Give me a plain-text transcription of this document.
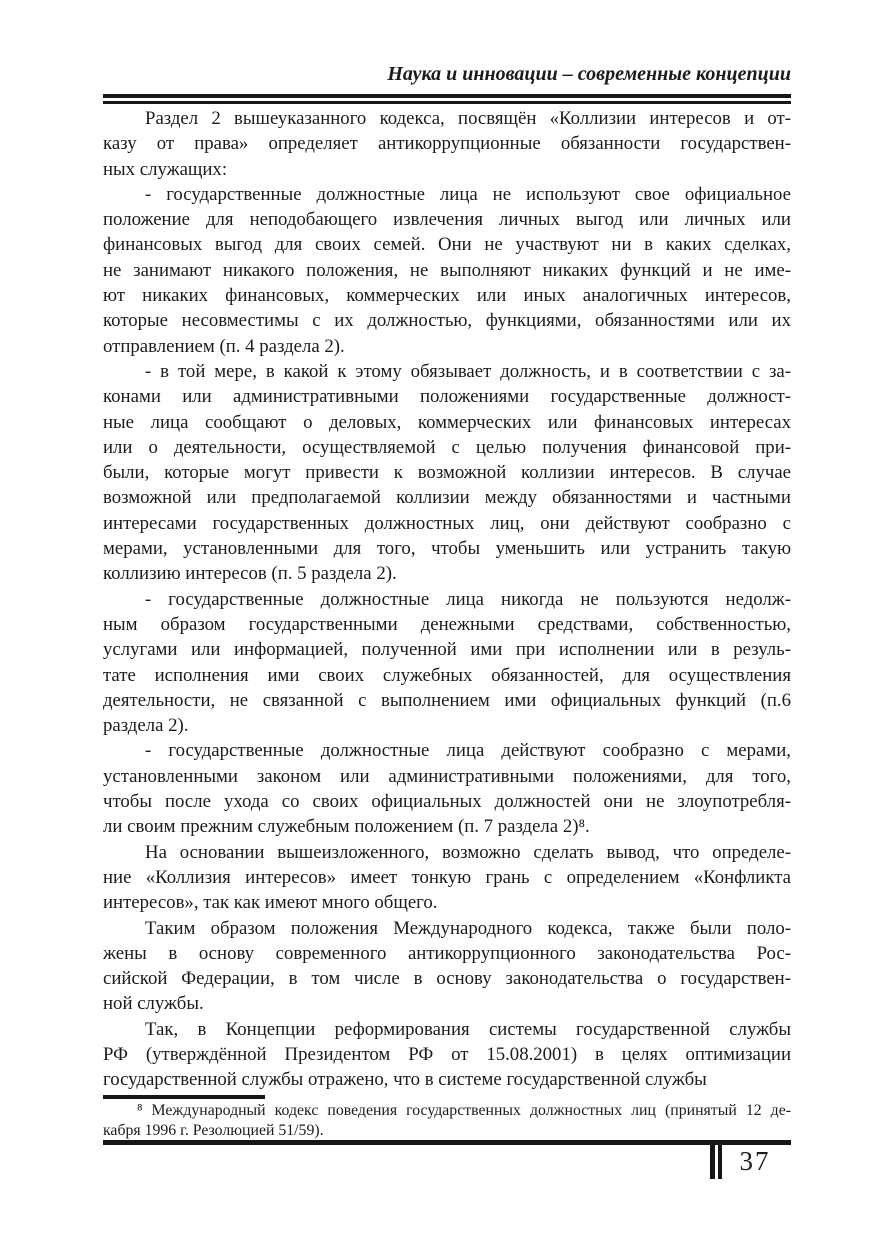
Наука и инновации – современные концепции
Раздел 2 вышеуказанного кодекса, посвящён «Коллизии интересов и от-
казу от права» определяет антикоррупционные обязанности государствен-
ных служащих:
- государственные должностные лица не используют свое официальное
положение для неподобающего извлечения личных выгод или личных или
финансовых выгод для своих семей. Они не участвуют ни в каких сделках,
не занимают никакого положения, не выполняют никаких функций и не име-
ют никаких финансовых, коммерческих или иных аналогичных интересов,
которые несовместимы с их должностью, функциями, обязанностями или их
отправлением (п. 4 раздела 2).
- в той мере, в какой к этому обязывает должность, и в соответствии с за-
конами или административными положениями государственные должност-
ные лица сообщают о деловых, коммерческих или финансовых интересах
или о деятельности, осуществляемой с целью получения финансовой при-
были, которые могут привести к возможной коллизии интересов. В случае
возможной или предполагаемой коллизии между обязанностями и частными
интересами государственных должностных лиц, они действуют сообразно с
мерами, установленными для того, чтобы уменьшить или устранить такую
коллизию интересов (п. 5 раздела 2).
- государственные должностные лица никогда не пользуются недолж-
ным образом государственными денежными средствами, собственностью,
услугами или информацией, полученной ими при исполнении или в резуль-
тате исполнения ими своих служебных обязанностей, для осуществления
деятельности, не связанной с выполнением ими официальных функций (п.6
раздела 2).
- государственные должностные лица действуют сообразно с мерами,
установленными законом или административными положениями, для того,
чтобы после ухода со своих официальных должностей они не злоупотребля-
ли своим прежним служебным положением (п. 7 раздела 2)⁸.
На основании вышеизложенного, возможно сделать вывод, что определе-
ние «Коллизия интересов» имеет тонкую грань с определением «Конфликта
интересов», так как имеют много общего.
Таким образом положения Международного кодекса, также были поло-
жены в основу современного антикоррупционного законодательства Рос-
сийской Федерации, в том числе в основу законодательства о государствен-
ной службы.
Так, в Концепции реформирования системы государственной службы
РФ (утверждённой Президентом РФ от 15.08.2001) в целях оптимизации
государственной службы отражено, что в системе государственной службы
⁸ Международный кодекс поведения государственных должностных лиц (принятый 12 де-
кабря 1996 г. Резолюцией 51/59).
37
